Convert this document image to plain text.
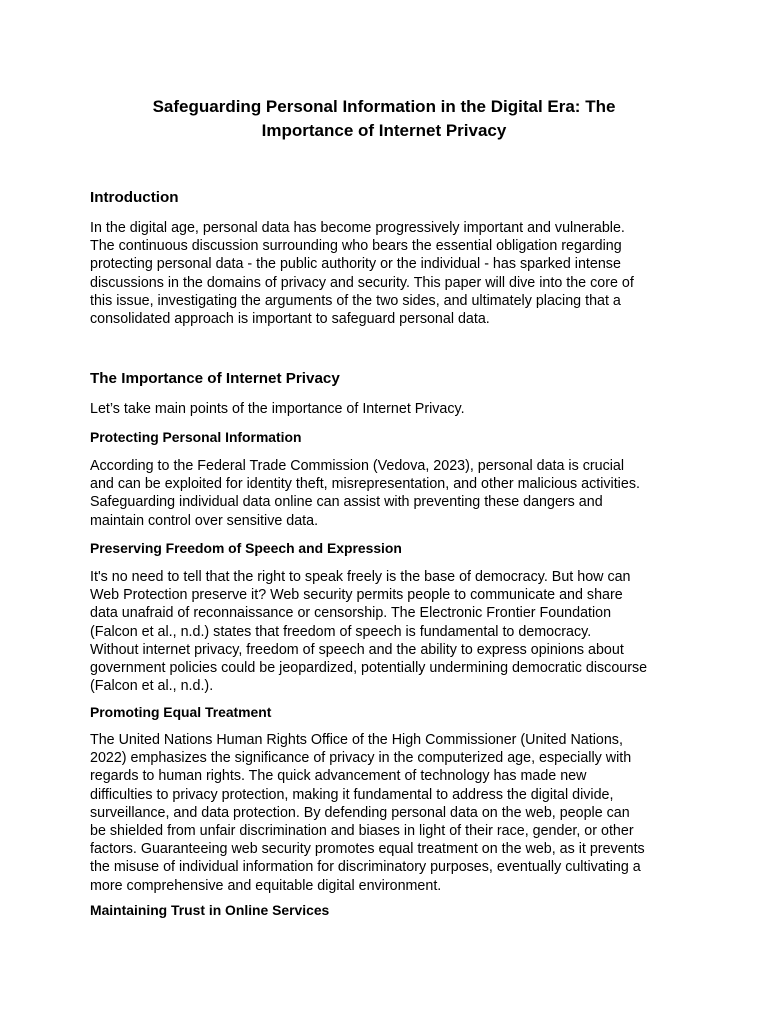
Safeguarding Personal Information in the Digital Era: The
Importance of Internet Privacy
Introduction
In the digital age, personal data has become progressively important and vulnerable.
The continuous discussion surrounding who bears the essential obligation regarding
protecting personal data - the public authority or the individual - has sparked intense
discussions in the domains of privacy and security. This paper will dive into the core of
this issue, investigating the arguments of the two sides, and ultimately placing that a
consolidated approach is important to safeguard personal data.
The Importance of Internet Privacy
Let’s take main points of the importance of Internet Privacy.
Protecting Personal Information
According to the Federal Trade Commission (Vedova, 2023), personal data is crucial
and can be exploited for identity theft, misrepresentation, and other malicious activities.
Safeguarding individual data online can assist with preventing these dangers and
maintain control over sensitive data.
Preserving Freedom of Speech and Expression
It's no need to tell that the right to speak freely is the base of democracy. But how can
Web Protection preserve it? Web security permits people to communicate and share
data unafraid of reconnaissance or censorship. The Electronic Frontier Foundation
(Falcon et al., n.d.) states that freedom of speech is fundamental to democracy.
Without internet privacy, freedom of speech and the ability to express opinions about
government policies could be jeopardized, potentially undermining democratic discourse
(Falcon et al., n.d.).
Promoting Equal Treatment
The United Nations Human Rights Office of the High Commissioner (United Nations,
2022) emphasizes the significance of privacy in the computerized age, especially with
regards to human rights. The quick advancement of technology has made new
difficulties to privacy protection, making it fundamental to address the digital divide,
surveillance, and data protection. By defending personal data on the web, people can
be shielded from unfair discrimination and biases in light of their race, gender, or other
factors. Guaranteeing web security promotes equal treatment on the web, as it prevents
the misuse of individual information for discriminatory purposes, eventually cultivating a
more comprehensive and equitable digital environment.
Maintaining Trust in Online Services
